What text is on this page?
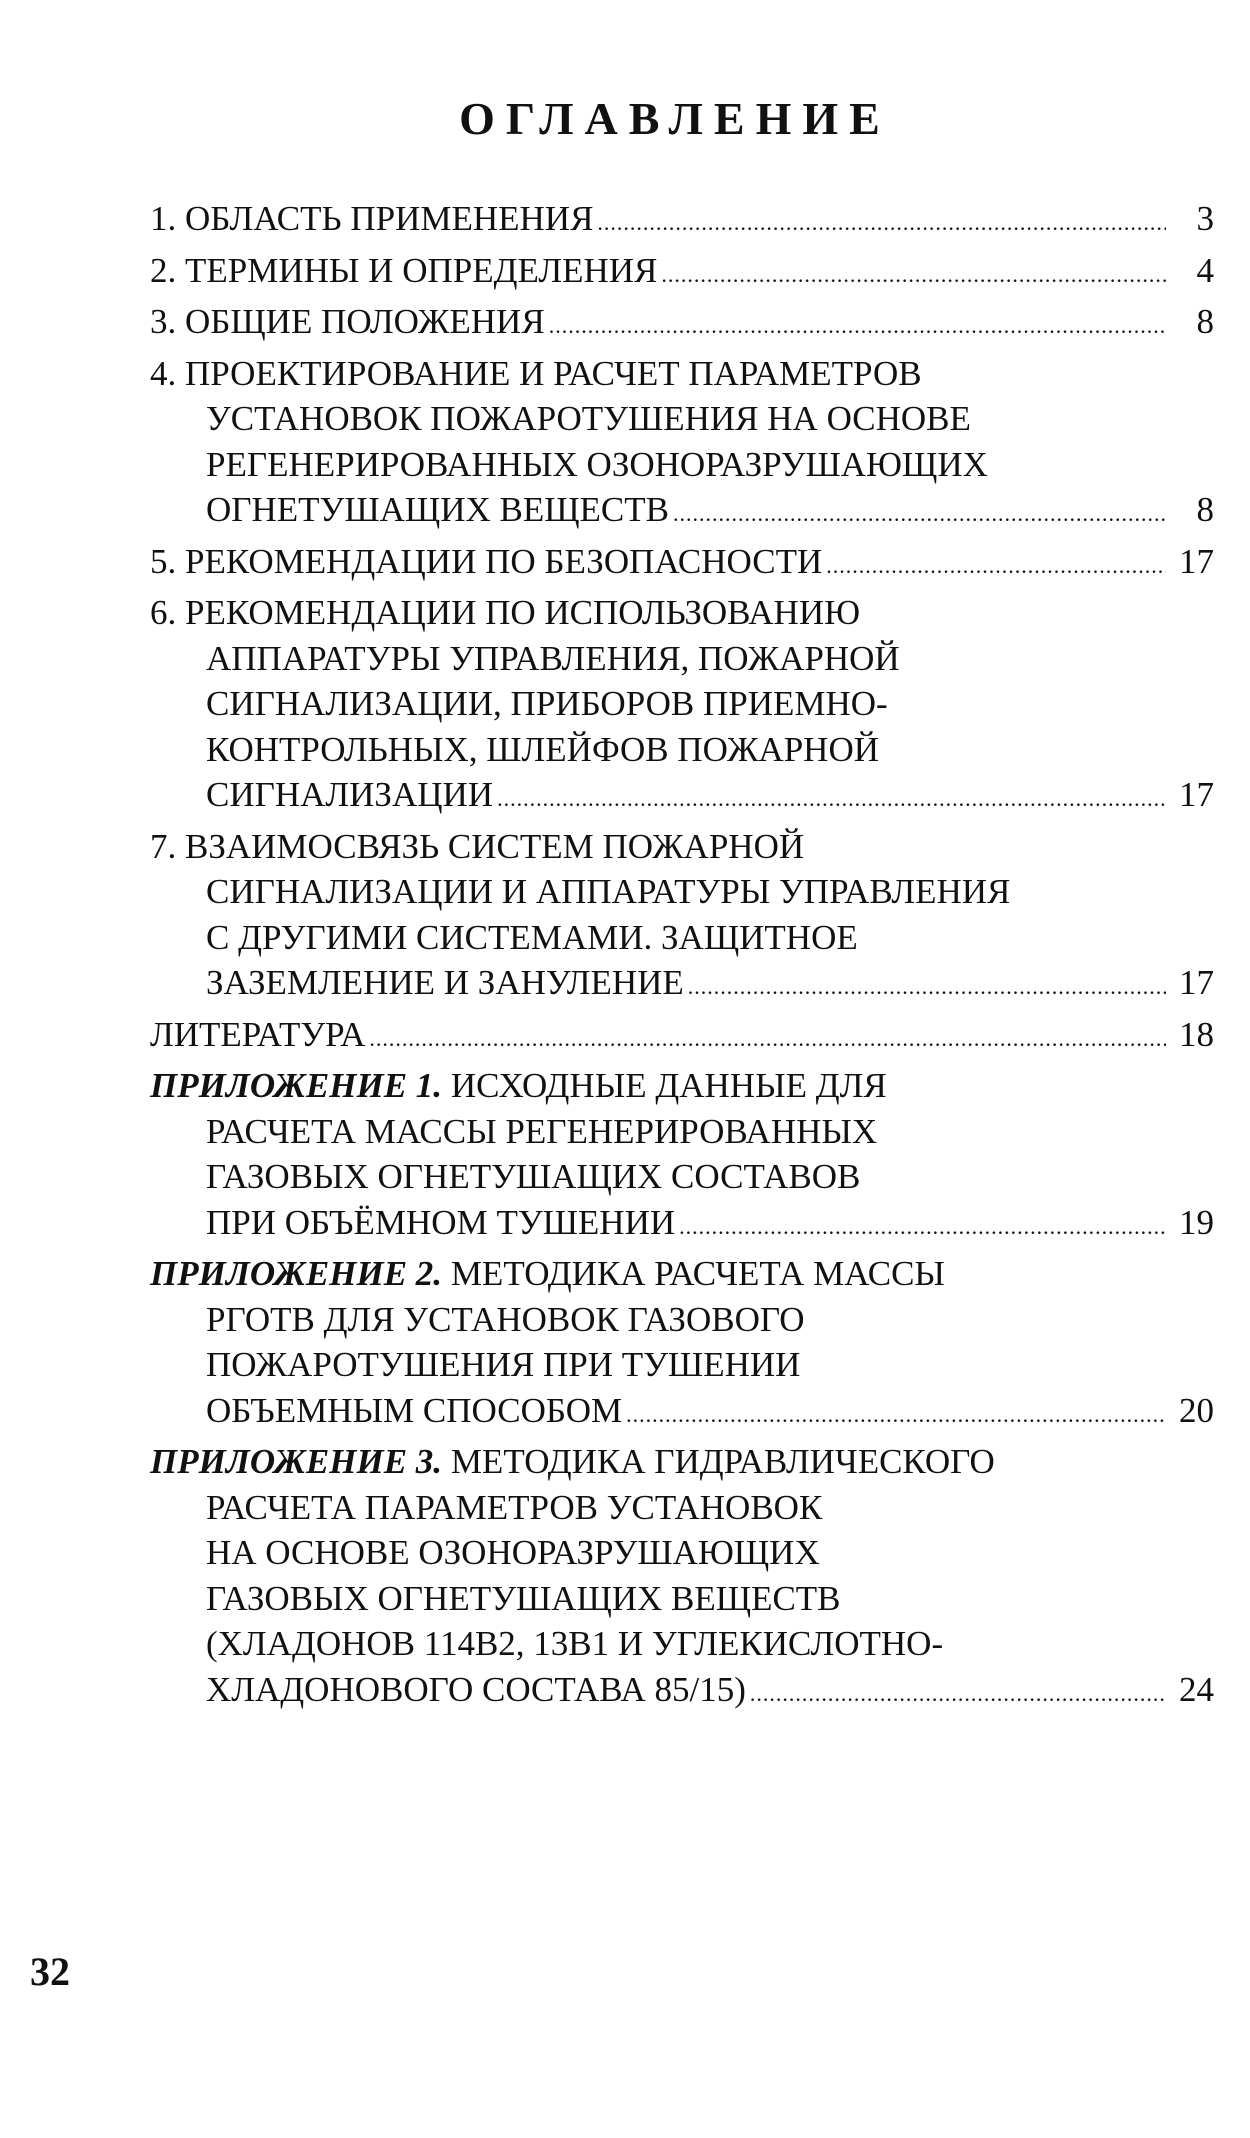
ОГЛАВЛЕНИЕ
1. ОБЛАСТЬ ПРИМЕНЕНИЯ .....	3
2. ТЕРМИНЫ И ОПРЕДЕЛЕНИЯ .....	4
3. ОБЩИЕ ПОЛОЖЕНИЯ .....	8
4. ПРОЕКТИРОВАНИЕ И РАСЧЕТ ПАРАМЕТРОВ
УСТАНОВОК ПОЖАРОТУШЕНИЯ НА ОСНОВЕ
РЕГЕНЕРИРОВАННЫХ ОЗОНОРАЗРУШАЮЩИХ
ОГНЕТУШАЩИХ ВЕЩЕСТВ .....	8
5. РЕКОМЕНДАЦИИ ПО БЕЗОПАСНОСТИ .....	17
6. РЕКОМЕНДАЦИИ ПО ИСПОЛЬЗОВАНИЮ
АППАРАТУРЫ УПРАВЛЕНИЯ, ПОЖАРНОЙ
СИГНАЛИЗАЦИИ, ПРИБОРОВ ПРИЕМНО-
КОНТРОЛЬНЫХ, ШЛЕЙФОВ ПОЖАРНОЙ
СИГНАЛИЗАЦИИ .....	17
7. ВЗАИМОСВЯЗЬ СИСТЕМ ПОЖАРНОЙ
СИГНАЛИЗАЦИИ И АППАРАТУРЫ УПРАВЛЕНИЯ
С ДРУГИМИ СИСТЕМАМИ. ЗАЩИТНОЕ
ЗАЗЕМЛЕНИЕ И ЗАНУЛЕНИЕ .....	17
ЛИТЕРАТУРА .....	18
ПРИЛОЖЕНИЕ 1. ИСХОДНЫЕ ДАННЫЕ ДЛЯ
РАСЧЕТА МАССЫ РЕГЕНЕРИРОВАННЫХ
ГАЗОВЫХ ОГНЕТУШАЩИХ СОСТАВОВ
ПРИ ОБЪЁМНОМ ТУШЕНИИ .....	19
ПРИЛОЖЕНИЕ 2. МЕТОДИКА РАСЧЕТА МАССЫ
РГОТВ ДЛЯ УСТАНОВОК ГАЗОВОГО
ПОЖАРОТУШЕНИЯ ПРИ ТУШЕНИИ
ОБЪЕМНЫМ СПОСОБОМ .....	20
ПРИЛОЖЕНИЕ 3. МЕТОДИКА ГИДРАВЛИЧЕСКОГО
РАСЧЕТА ПАРАМЕТРОВ УСТАНОВОК
НА ОСНОВЕ ОЗОНОРАЗРУШАЮЩИХ
ГАЗОВЫХ ОГНЕТУШАЩИХ ВЕЩЕСТВ
(ХЛАДОНОВ 114В2, 13В1 И УГЛЕКИСЛОТНО-
ХЛАДОНОВОГО СОСТАВА 85/15) .....	24
32
